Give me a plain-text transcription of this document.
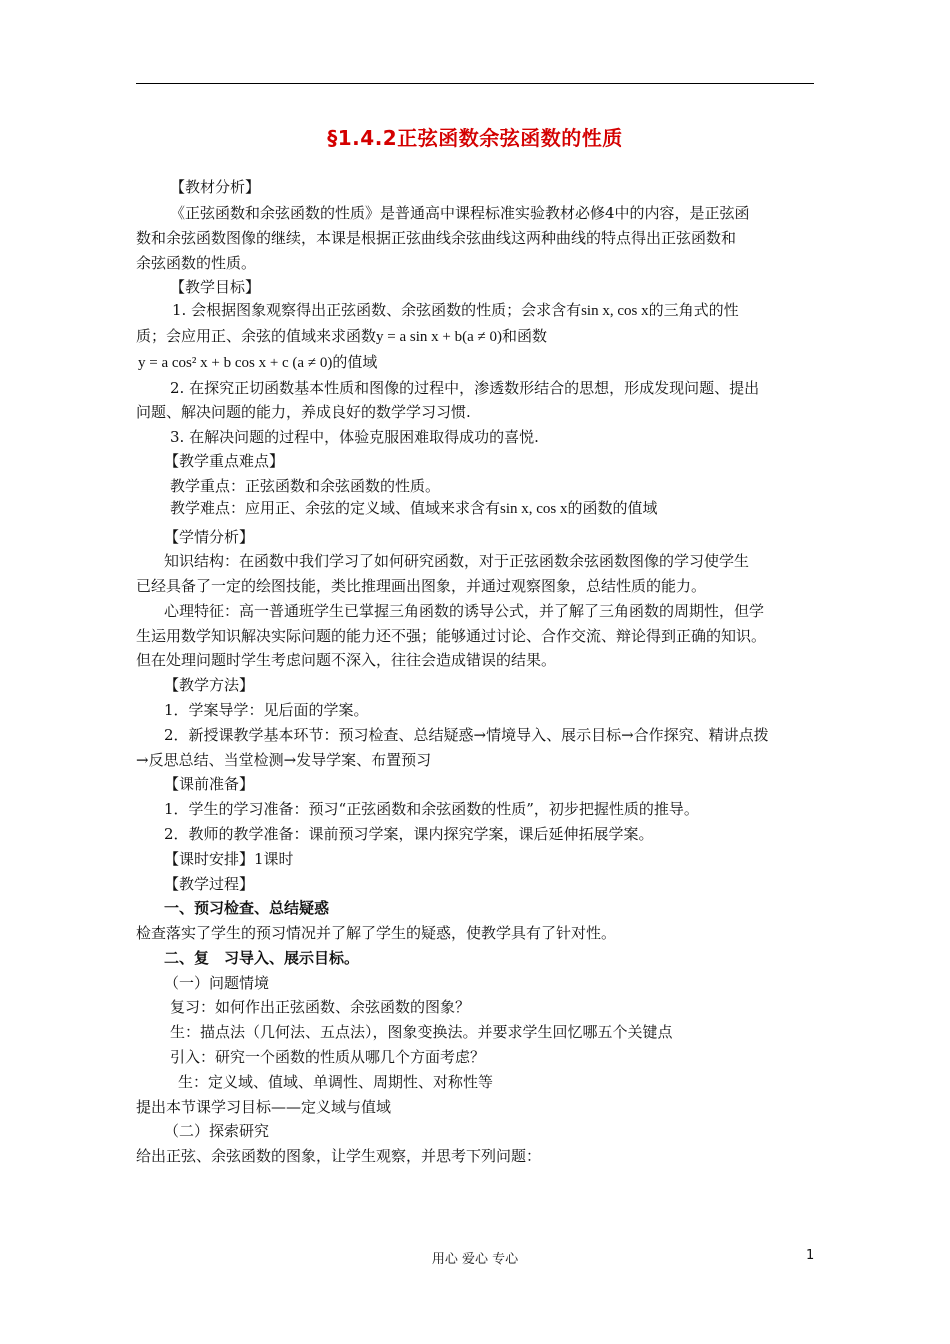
§1.4.2正弦函数余弦函数的性质
【教材分析】
《正弦函数和余弦函数的性质》是普通高中课程标准实验教材必修4中的内容，是正弦函
数和余弦函数图像的继续，本课是根据正弦曲线余弦曲线这两种曲线的特点得出正弦函数和
余弦函数的性质。
【教学目标】
1. 会根据图象观察得出正弦函数、余弦函数的性质；会求含有sin x, cos x的三角式的性
质；会应用正、余弦的值域来求函数y = a sin x + b(a ≠ 0)和函数
y = a cos² x + b cos x + c (a ≠ 0)的值域
2. 在探究正切函数基本性质和图像的过程中，渗透数形结合的思想，形成发现问题、提出
问题、解决问题的能力，养成良好的数学学习习惯.
3. 在解决问题的过程中，体验克服困难取得成功的喜悦.
【教学重点难点】
教学重点：正弦函数和余弦函数的性质。
教学难点：应用正、余弦的定义域、值域来求含有sin x, cos x的函数的值域
【学情分析】
知识结构：在函数中我们学习了如何研究函数，对于正弦函数余弦函数图像的学习使学生
已经具备了一定的绘图技能，类比推理画出图象，并通过观察图象，总结性质的能力。
心理特征：高一普通班学生已掌握三角函数的诱导公式，并了解了三角函数的周期性，但学
生运用数学知识解决实际问题的能力还不强；能够通过讨论、合作交流、辩论得到正确的知识。
但在处理问题时学生考虑问题不深入，往往会造成错误的结果。
【教学方法】
1．学案导学：见后面的学案。
2．新授课教学基本环节：预习检查、总结疑惑→情境导入、展示目标→合作探究、精讲点拨
→反思总结、当堂检测→发导学案、布置预习
【课前准备】
1．学生的学习准备：预习“正弦函数和余弦函数的性质”，初步把握性质的推导。
2．教师的教学准备：课前预习学案，课内探究学案，课后延伸拓展学案。
【课时安排】1课时
【教学过程】
一、预习检查、总结疑惑
检查落实了学生的预习情况并了解了学生的疑惑，使教学具有了针对性。
二、复　习导入、展示目标。
（一）问题情境
复习：如何作出正弦函数、余弦函数的图象？
生：描点法（几何法、五点法），图象变换法。并要求学生回忆哪五个关键点
引入：研究一个函数的性质从哪几个方面考虑？
生：定义域、值域、单调性、周期性、对称性等
提出本节课学习目标——定义域与值域
（二）探索研究
给出正弦、余弦函数的图象，让学生观察，并思考下列问题：
用心 爱心 专心	1
